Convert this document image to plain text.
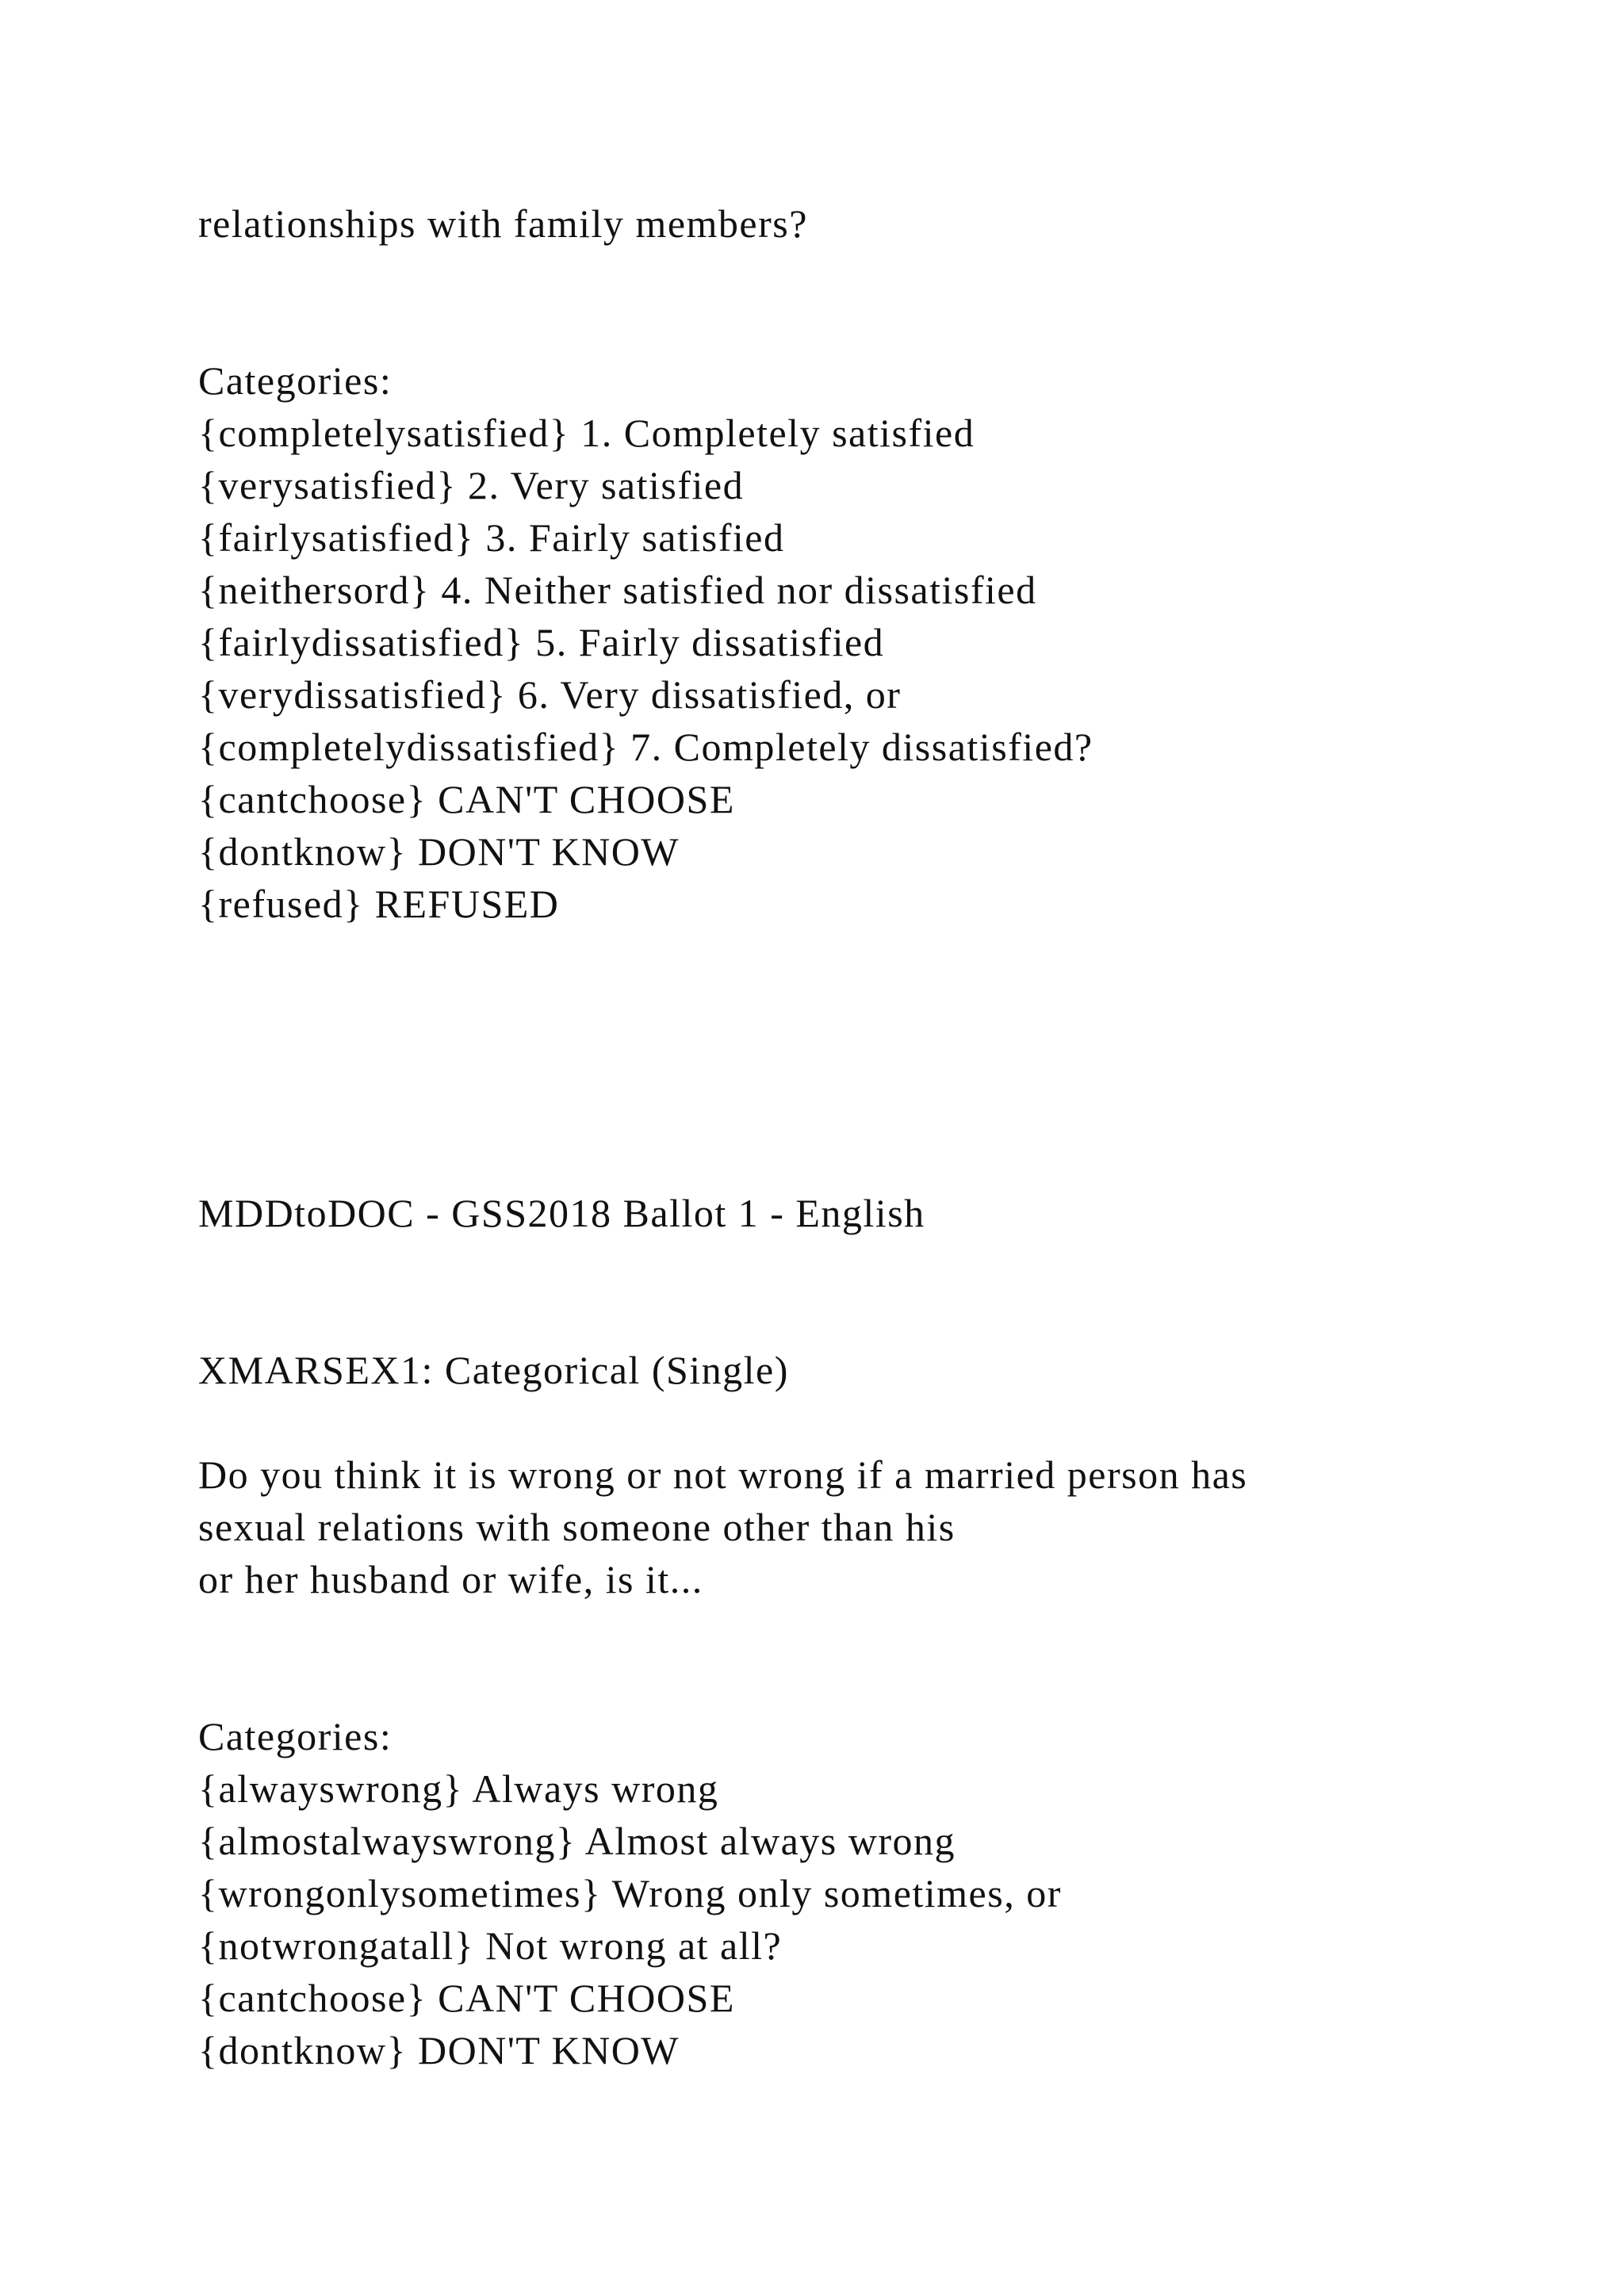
relationships with family members?

Categories:

{completelysatisfied} 1. Completely satisfied

{verysatisfied} 2. Very satisfied

{fairlysatisfied} 3. Fairly satisfied

{neithersord} 4. Neither satisfied nor dissatisfied

{fairlydissatisfied} 5. Fairly dissatisfied

{verydissatisfied} 6. Very dissatisfied, or

{completelydissatisfied} 7. Completely dissatisfied?

{cantchoose} CAN'T CHOOSE

{dontknow} DON'T KNOW

{refused} REFUSED

MDDtoDOC - GSS2018 Ballot 1 - English

XMARSEX1: Categorical (Single)

Do you think it is wrong or not wrong if a married person has

sexual relations with someone other than his

or her husband or wife, is it...

Categories:

{alwayswrong} Always wrong

{almostalwayswrong} Almost always wrong

{wrongonlysometimes} Wrong only sometimes, or

{notwrongatall} Not wrong at all?

{cantchoose} CAN'T CHOOSE

{dontknow} DON'T KNOW
